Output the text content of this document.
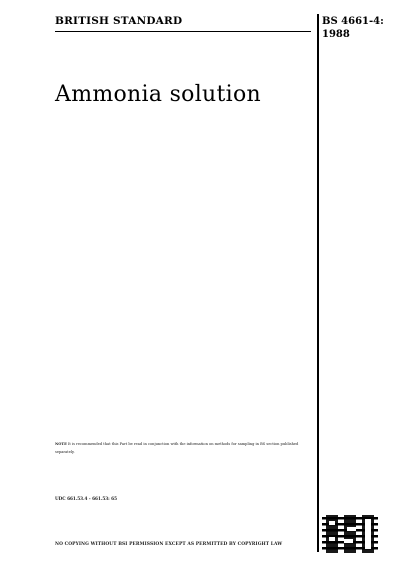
BRITISH STANDARD	BS 4661-4:
1988
Ammonia solution
NOTE It is recommended that this Part be read in conjunction with the information on methods for sampling in BS section published separately.
UDC 661.53.4 - 661.53: 65
NO COPYING WITHOUT BSI PERMISSION EXCEPT AS PERMITTED BY COPYRIGHT LAW
